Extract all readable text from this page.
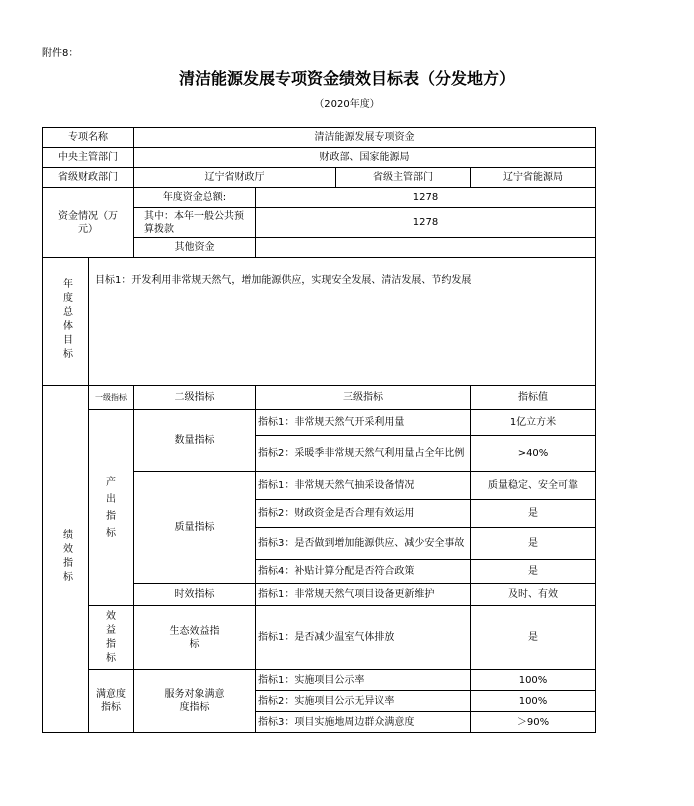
附件8：
清洁能源发展专项资金绩效目标表（分发地方）
（2020年度）
专项名称		清洁能源发展专项资金			
中央主管部门		财政部、国家能源局			
省级财政部门		辽宁省财政厅		省级主管部门	辽宁省能源局
资金情况（万元）		年度资金总额:	1278		

		其中：本年一般公共预算拨款	1278		
		其他资金			
年度总体目标	目标1：开发利用非常规天然气，增加能源供应，实现安全发展、清洁发展、节约发展				
绩效指标	一级指标	二级指标	三级指标		指标值
	产出指标	数量指标	指标1：非常规天然气开采利用量		1亿立方米
			指标2：采暖季非常规天然气利用量占全年比例		>40%
		质量指标	指标1：非常规天然气抽采设备情况		质量稳定、安全可靠
			指标2：财政资金是否合理有效运用		是
			指标3：是否做到增加能源供应、减少安全事故		是
			指标4：补贴计算分配是否符合政策		是
		时效指标	指标1：非常规天然气项目设备更新维护		及时、有效
	效益指标	生态效益指标	指标1：是否减少温室气体排放		是
	满意度指标	服务对象满意度指标	指标1：实施项目公示率		100%
			指标2：实施项目公示无异议率		100%
			指标3：项目实施地周边群众满意度		＞90%
